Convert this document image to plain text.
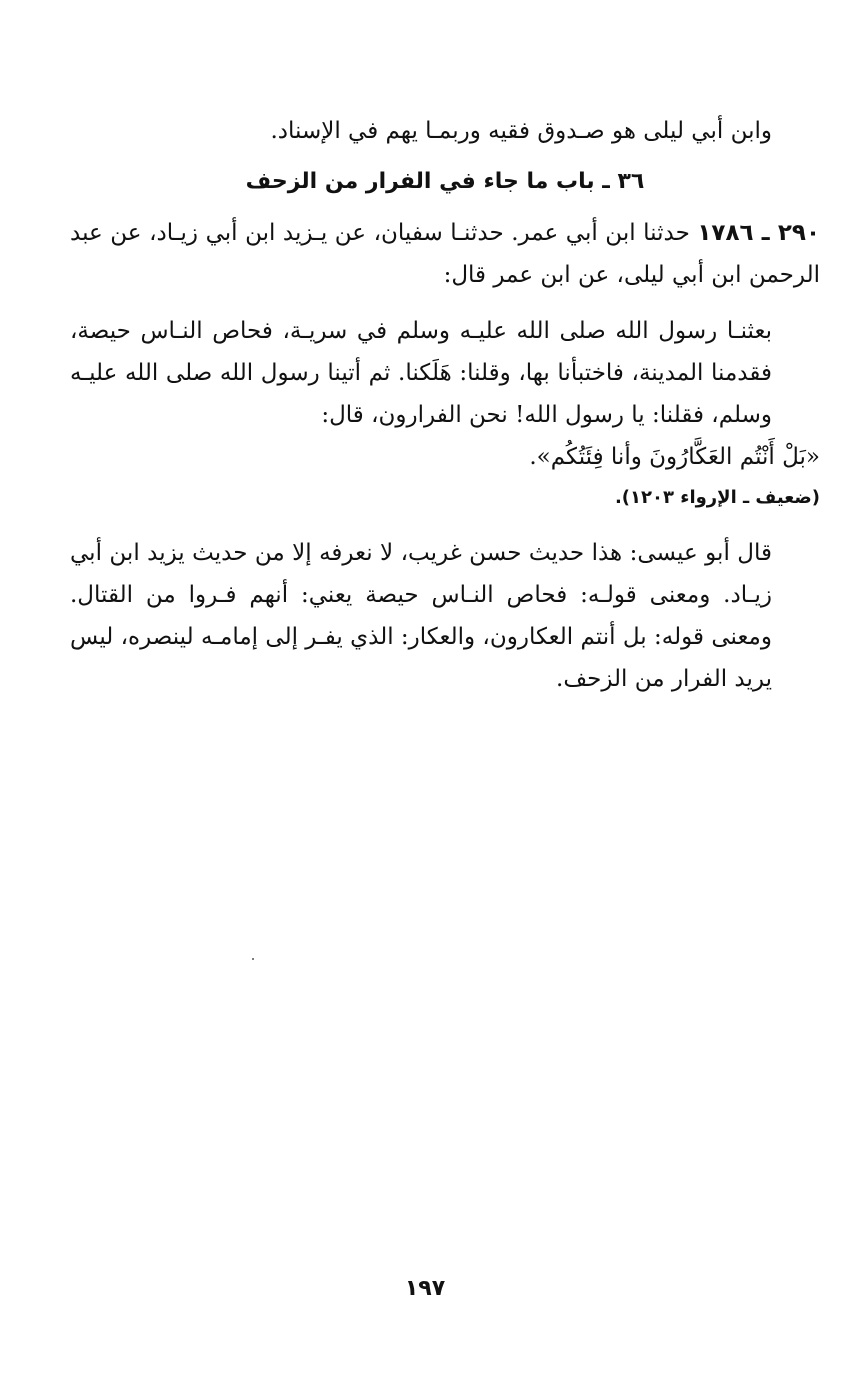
وابن أبي ليلى هو صـدوق فقيه وربمـا يهم في الإسناد.

٣٦ ـ باب ما جاء في الفرار من الزحف

٢٩٠ ـ ١٧٨٦ حدثنا ابن أبي عمر. حدثنـا سفيان، عن يـزيد ابن أبي زيـاد، عن عبد الرحمن ابن أبي ليلى، عن ابن عمر قال:

بعثنـا رسول الله صلى الله عليـه وسلم في سريـة، فحاص النـاس حيصة، فقدمنا المدينة، فاختبأنا بها، وقلنا: هَلَكنا. ثم أتينا رسول الله صلى الله عليـه وسلم، فقلنا: يا رسول الله! نحن الفرارون، قال:

«بَلْ أَنْتُم العَكَّارُونَ وأنا فِئَتُكُم».

(ضعيف ـ الإرواء ١٢٠٣).

قال أبو عيسى: هذا حديث حسن غريب، لا نعرفه إلا من حديث يزيد ابن أبي زيـاد. ومعنى قولـه: فحاص النـاس حيصة يعني: أنهم فـروا من القتال. ومعنى قوله: بل أنتم العكارون، والعكار: الذي يفـر إلى إمامـه لينصره، ليس يريد الفرار من الزحف.

١٩٧
